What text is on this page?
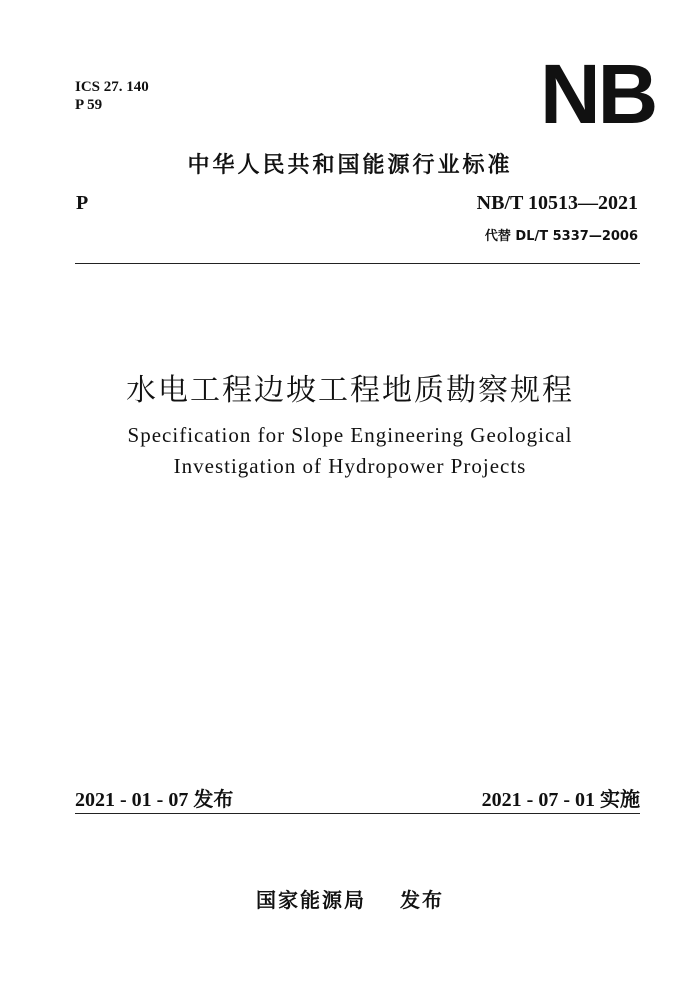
ICS 27. 140
P 59	NB
中华人民共和国能源行业标准
P	NB/T 10513—2021
代替 DL/T 5337—2006
水电工程边坡工程地质勘察规程
Specification for Slope Engineering Geological
Investigation of Hydropower Projects
2021 - 01 - 07 发布	2021 - 07 - 01 实施
国家能源局 发布
